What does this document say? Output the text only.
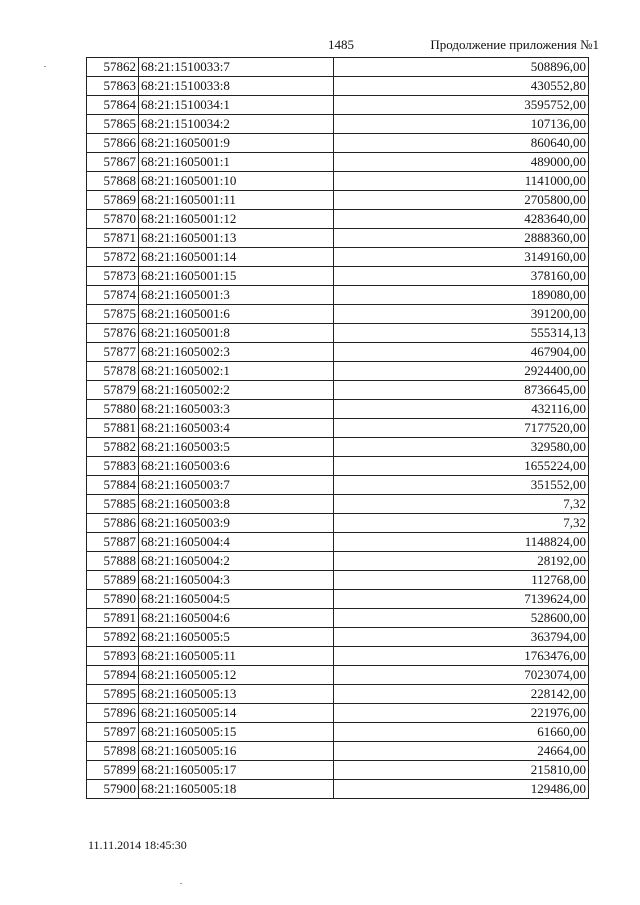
1485	Продолжение приложения №1
57862	68:21:1510033:7	508896,00
57863	68:21:1510033:8	430552,80
57864	68:21:1510034:1	3595752,00
57865	68:21:1510034:2	107136,00
57866	68:21:1605001:9	860640,00
57867	68:21:1605001:1	489000,00
57868	68:21:1605001:10	1141000,00
57869	68:21:1605001:11	2705800,00
57870	68:21:1605001:12	4283640,00
57871	68:21:1605001:13	2888360,00
57872	68:21:1605001:14	3149160,00
57873	68:21:1605001:15	378160,00
57874	68:21:1605001:3	189080,00
57875	68:21:1605001:6	391200,00
57876	68:21:1605001:8	555314,13
57877	68:21:1605002:3	467904,00
57878	68:21:1605002:1	2924400,00
57879	68:21:1605002:2	8736645,00
57880	68:21:1605003:3	432116,00
57881	68:21:1605003:4	7177520,00
57882	68:21:1605003:5	329580,00
57883	68:21:1605003:6	1655224,00
57884	68:21:1605003:7	351552,00
57885	68:21:1605003:8	7,32
57886	68:21:1605003:9	7,32
57887	68:21:1605004:4	1148824,00
57888	68:21:1605004:2	28192,00
57889	68:21:1605004:3	112768,00
57890	68:21:1605004:5	7139624,00
57891	68:21:1605004:6	528600,00
57892	68:21:1605005:5	363794,00
57893	68:21:1605005:11	1763476,00
57894	68:21:1605005:12	7023074,00
57895	68:21:1605005:13	228142,00
57896	68:21:1605005:14	221976,00
57897	68:21:1605005:15	61660,00
57898	68:21:1605005:16	24664,00
57899	68:21:1605005:17	215810,00
57900	68:21:1605005:18	129486,00
11.11.2014 18:45:30
